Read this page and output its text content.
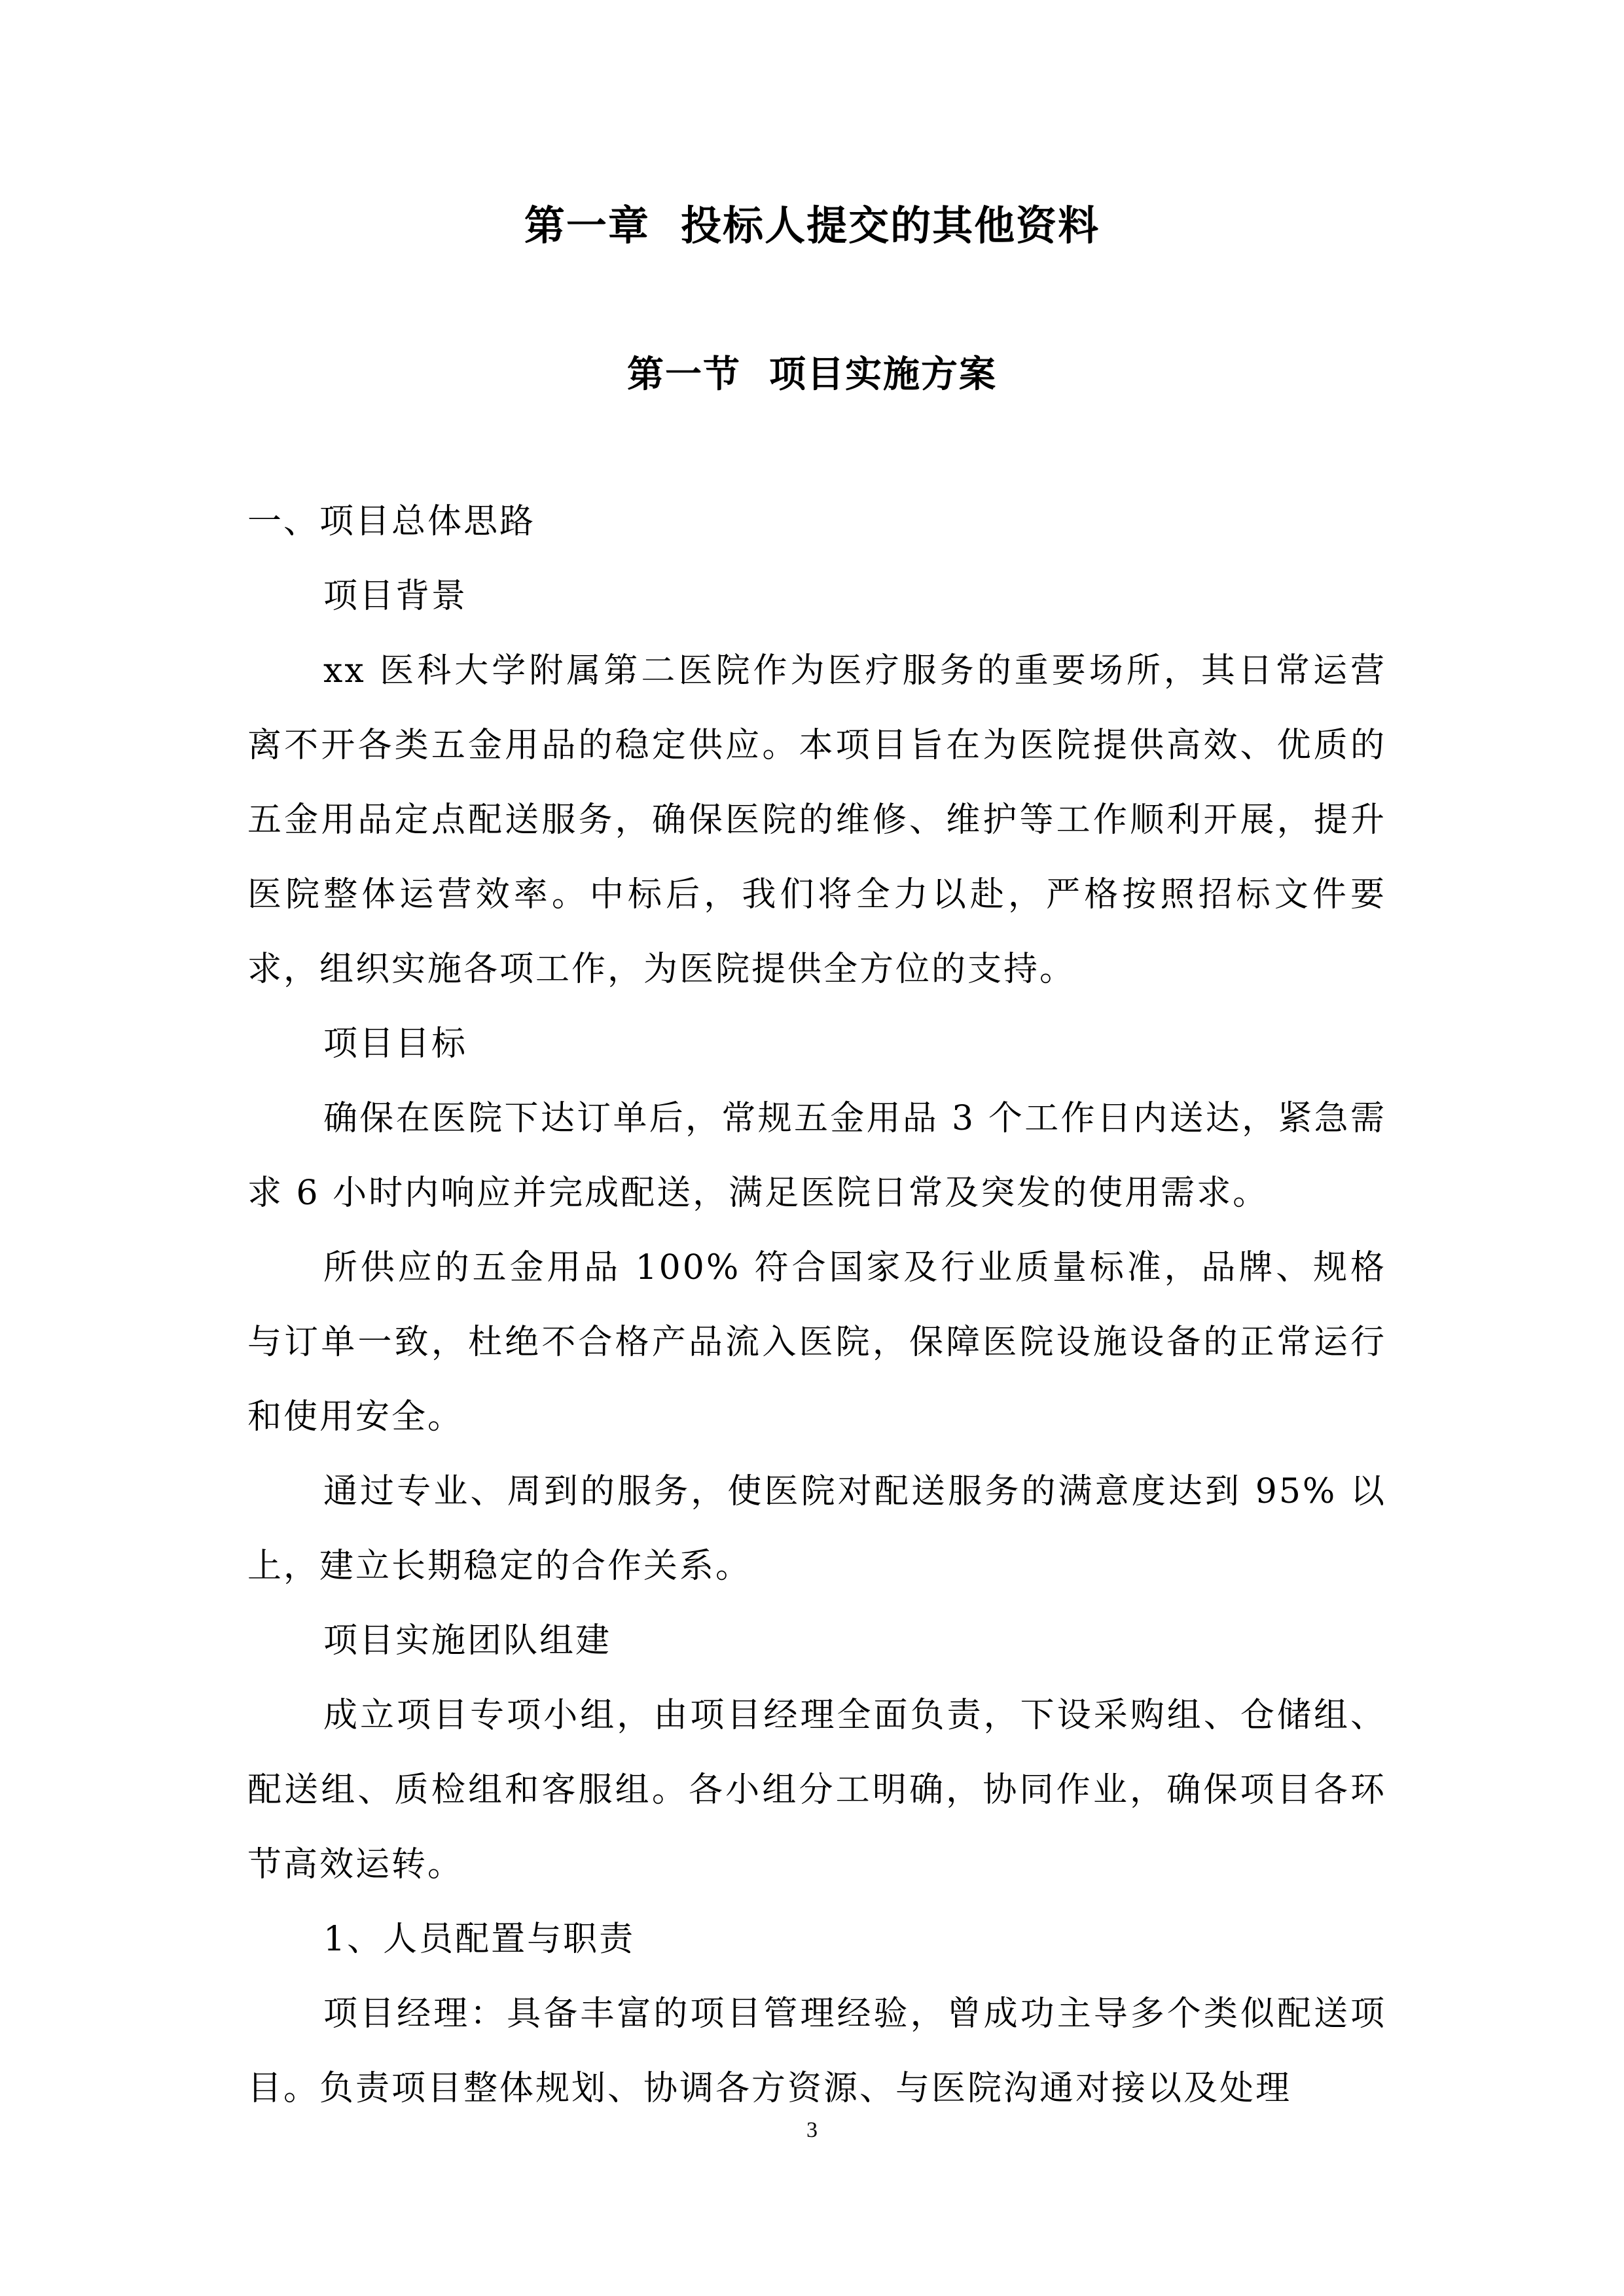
第一章  投标人提交的其他资料
第一节  项目实施方案

一、项目总体思路

项目背景

xx 医科大学附属第二医院作为医疗服务的重要场所，其日常运营离不开各类五金用品的稳定供应。本项目旨在为医院提供高效、优质的五金用品定点配送服务，确保医院的维修、维护等工作顺利开展，提升医院整体运营效率。中标后，我们将全力以赴，严格按照招标文件要求，组织实施各项工作，为医院提供全方位的支持。

项目目标

确保在医院下达订单后，常规五金用品 3 个工作日内送达，紧急需求 6 小时内响应并完成配送，满足医院日常及突发的使用需求。

所供应的五金用品 100% 符合国家及行业质量标准，品牌、规格与订单一致，杜绝不合格产品流入医院，保障医院设施设备的正常运行和使用安全。

通过专业、周到的服务，使医院对配送服务的满意度达到 95% 以上，建立长期稳定的合作关系。

项目实施团队组建

成立项目专项小组，由项目经理全面负责，下设采购组、仓储组、配送组、质检组和客服组。各小组分工明确，协同作业，确保项目各环节高效运转。

1、人员配置与职责

项目经理：具备丰富的项目管理经验，曾成功主导多个类似配送项目。负责项目整体规划、协调各方资源、与医院沟通对接以及处理

3
